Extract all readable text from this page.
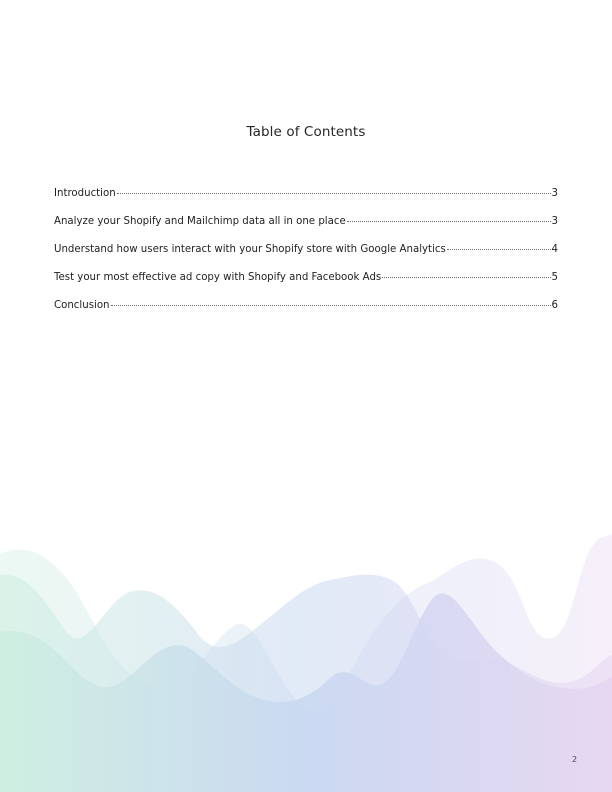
Table of Contents
Introduction	3
Analyze your Shopify and Mailchimp data all in one place	3
Understand how users interact with your Shopify store with Google Analytics	4
Test your most effective ad copy with Shopify and Facebook Ads	5
Conclusion	6
2
